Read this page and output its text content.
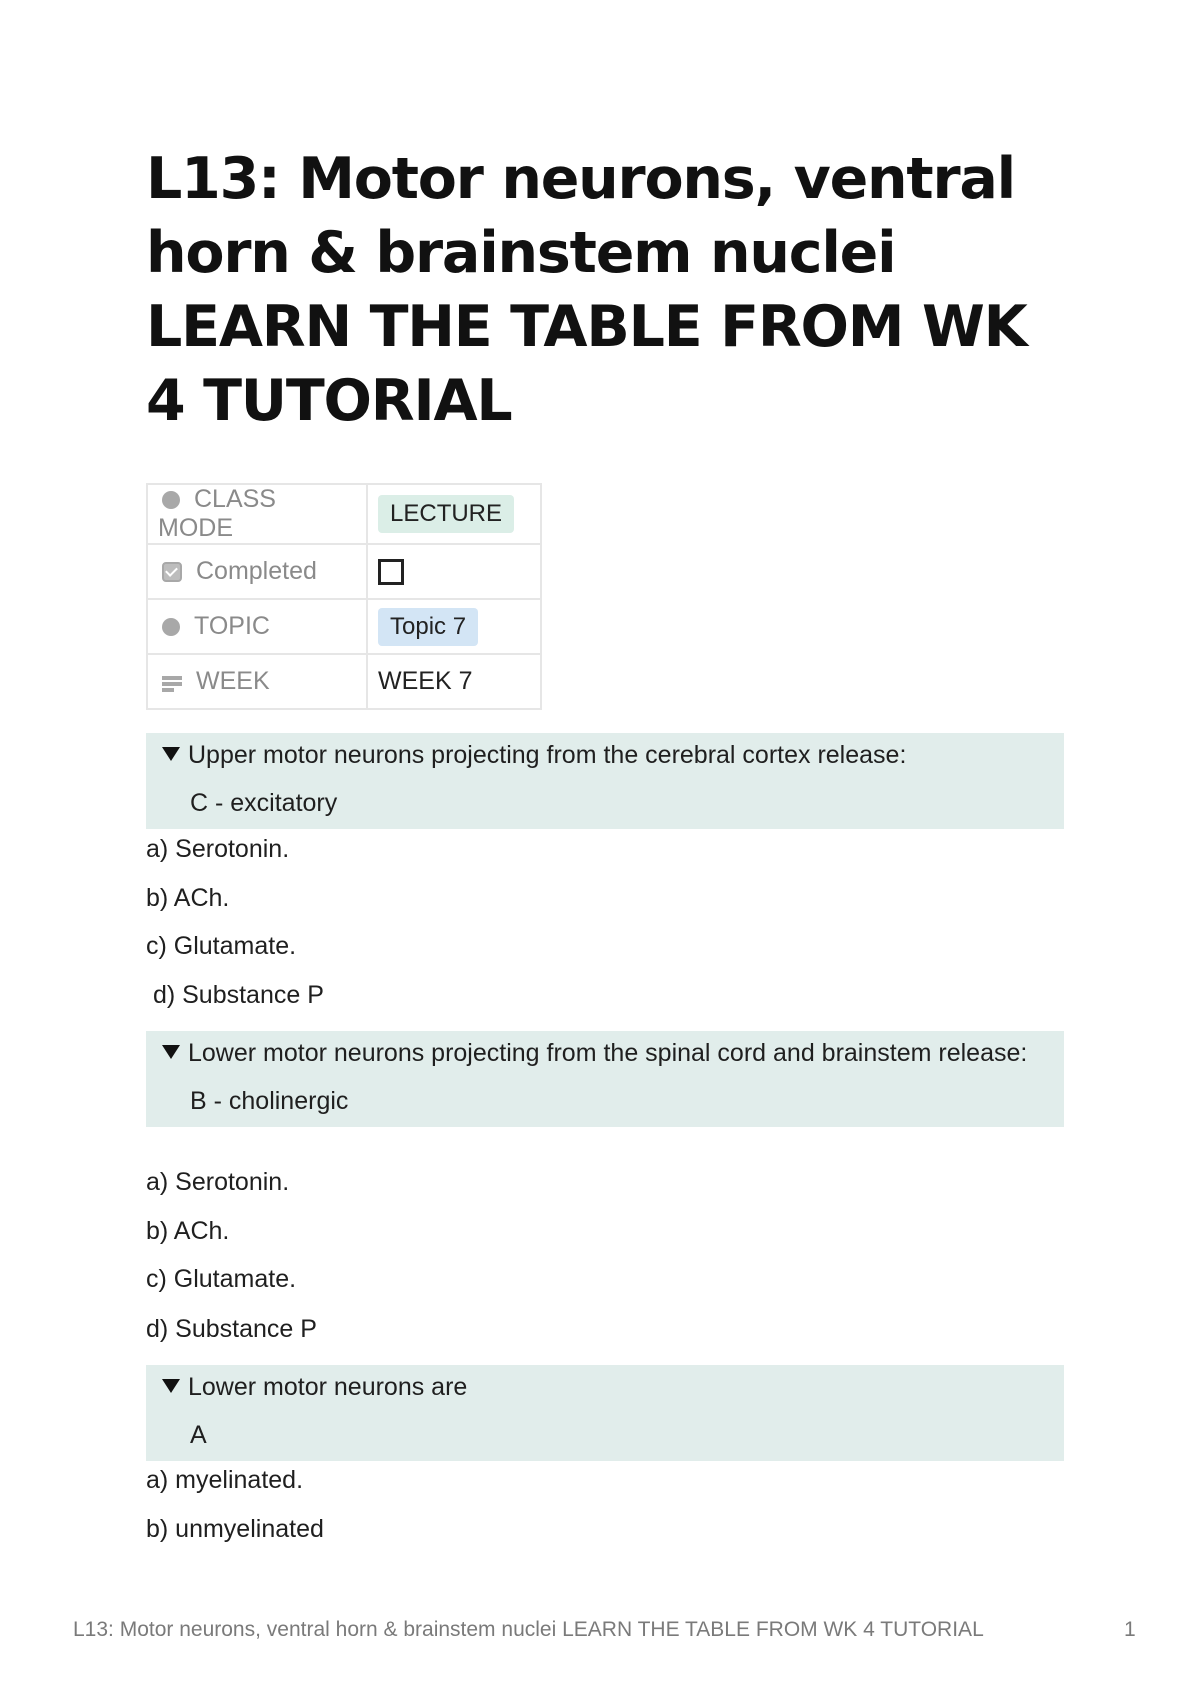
L13: Motor neurons, ventral horn & brainstem nuclei LEARN THE TABLE FROM WK 4 TUTORIAL
CLASS MODE	LECTURE
Completed	
TOPIC	Topic 7
WEEK	WEEK 7
Upper motor neurons projecting from the cerebral cortex release:
C - excitatory
a) Serotonin.
b) ACh.
c) Glutamate.
d) Substance P
Lower motor neurons projecting from the spinal cord and brainstem release:
B - cholinergic
a) Serotonin.
b) ACh.
c) Glutamate.
d) Substance P
Lower motor neurons are
A
a) myelinated.
b) unmyelinated
L13: Motor neurons, ventral horn & brainstem nuclei LEARN THE TABLE FROM WK 4 TUTORIAL	1
